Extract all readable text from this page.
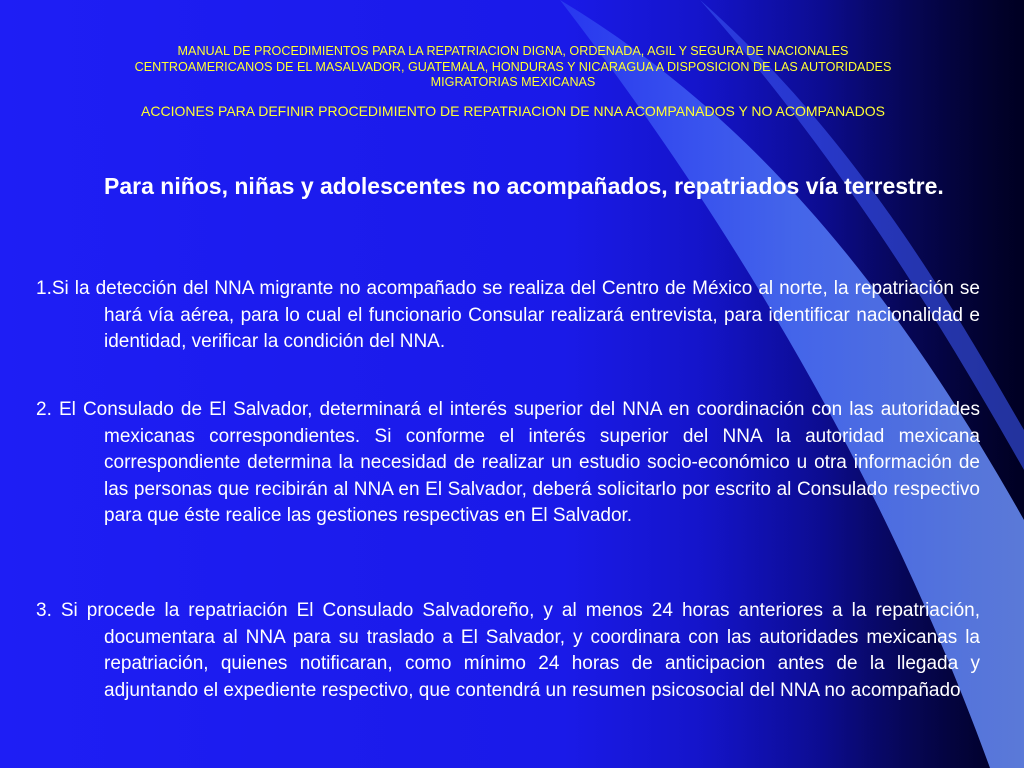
MANUAL DE PROCEDIMIENTOS PARA LA REPATRIACION DIGNA, ORDENADA, AGIL Y SEGURA DE NACIONALES CENTROAMERICANOS DE EL MASALVADOR, GUATEMALA, HONDURAS Y NICARAGUA A DISPOSICION DE LAS AUTORIDADES MIGRATORIAS MEXICANAS

ACCIONES PARA DEFINIR PROCEDIMIENTO DE REPATRIACION DE NNA ACOMPANADOS Y NO ACOMPANADOS

Para niños, niñas y adolescentes no acompañados, repatriados vía terrestre.

1.Si la detección del NNA migrante no acompañado se realiza del Centro de México al norte, la repatriación se hará vía aérea, para lo cual el funcionario Consular realizará entrevista, para identificar nacionalidad e identidad, verificar la condición del NNA.

2. El Consulado de El Salvador, determinará el interés superior del NNA en coordinación con las autoridades mexicanas correspondientes. Si conforme el interés superior del NNA la autoridad mexicana correspondiente determina la necesidad de realizar un estudio socio-económico u otra información de las personas que recibirán al NNA en El Salvador, deberá solicitarlo por escrito al Consulado respectivo para que éste realice las gestiones respectivas en El Salvador.

3. Si procede la repatriación El Consulado Salvadoreño, y al menos 24 horas anteriores a la repatriación, documentara al NNA para su traslado a El Salvador, y coordinara con las autoridades mexicanas la repatriación, quienes notificaran, como mínimo 24 horas de anticipacion antes de la llegada y adjuntando el expediente respectivo, que contendrá un resumen psicosocial del NNA no acompañado
